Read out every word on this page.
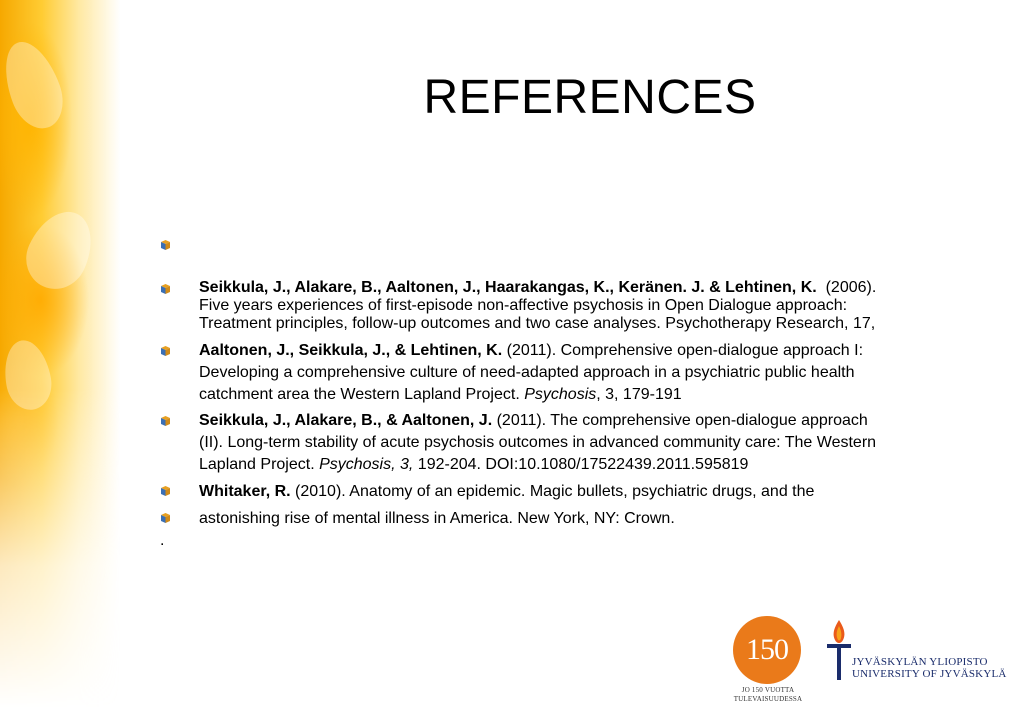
REFERENCES
Seikkula, J., Alakare, B., Aaltonen, J., Haarakangas, K., Keränen. J. & Lehtinen, K. (2006).
Five years experiences of first-episode non-affective psychosis in Open Dialogue approach:
Treatment principles, follow-up outcomes and two case analyses. Psychotherapy Research, 17,
Aaltonen, J., Seikkula, J., & Lehtinen, K. (2011). Comprehensive open-dialogue approach I:
Developing a comprehensive culture of need-adapted approach in a psychiatric public health
catchment area the Western Lapland Project. Psychosis, 3, 179-191
Seikkula, J., Alakare, B., & Aaltonen, J. (2011). The comprehensive open-dialogue approach
(II). Long-term stability of acute psychosis outcomes in advanced community care: The Western
Lapland Project. Psychosis, 3, 192-204. DOI:10.1080/17522439.2011.595819
Whitaker, R. (2010). Anatomy of an epidemic. Magic bullets, psychiatric drugs, and the
astonishing rise of mental illness in America. New York, NY: Crown.
.
150
JO 150 VUOTTA
TULEVAISUUDESSA
JYVÄSKYLÄN YLIOPISTO
UNIVERSITY OF JYVÄSKYLÄ
